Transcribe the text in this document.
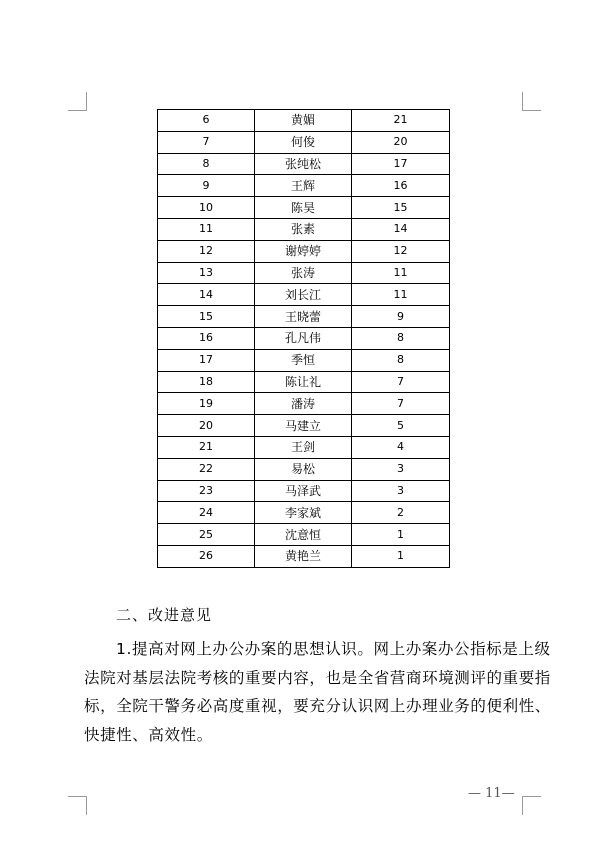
6	黄媚	21
7	何俊	20
8	张纯松	17
9	王辉	16
10	陈昊	15
11	张素	14
12	谢婷婷	12
13	张涛	11
14	刘长江	11
15	王晓蕾	9
16	孔凡伟	8
17	季恒	8
18	陈让礼	7
19	潘涛	7
20	马建立	5
21	王剑	4
22	易松	3
23	马泽武	3
24	李家斌	2
25	沈意恒	1
26	黄艳兰	1
二、改进意见

1.提高对网上办公办案的思想认识。网上办案办公指标是上级法院对基层法院考核的重要内容，也是全省营商环境测评的重要指标，全院干警务必高度重视，要充分认识网上办理业务的便利性、快捷性、高效性。

— 11—
